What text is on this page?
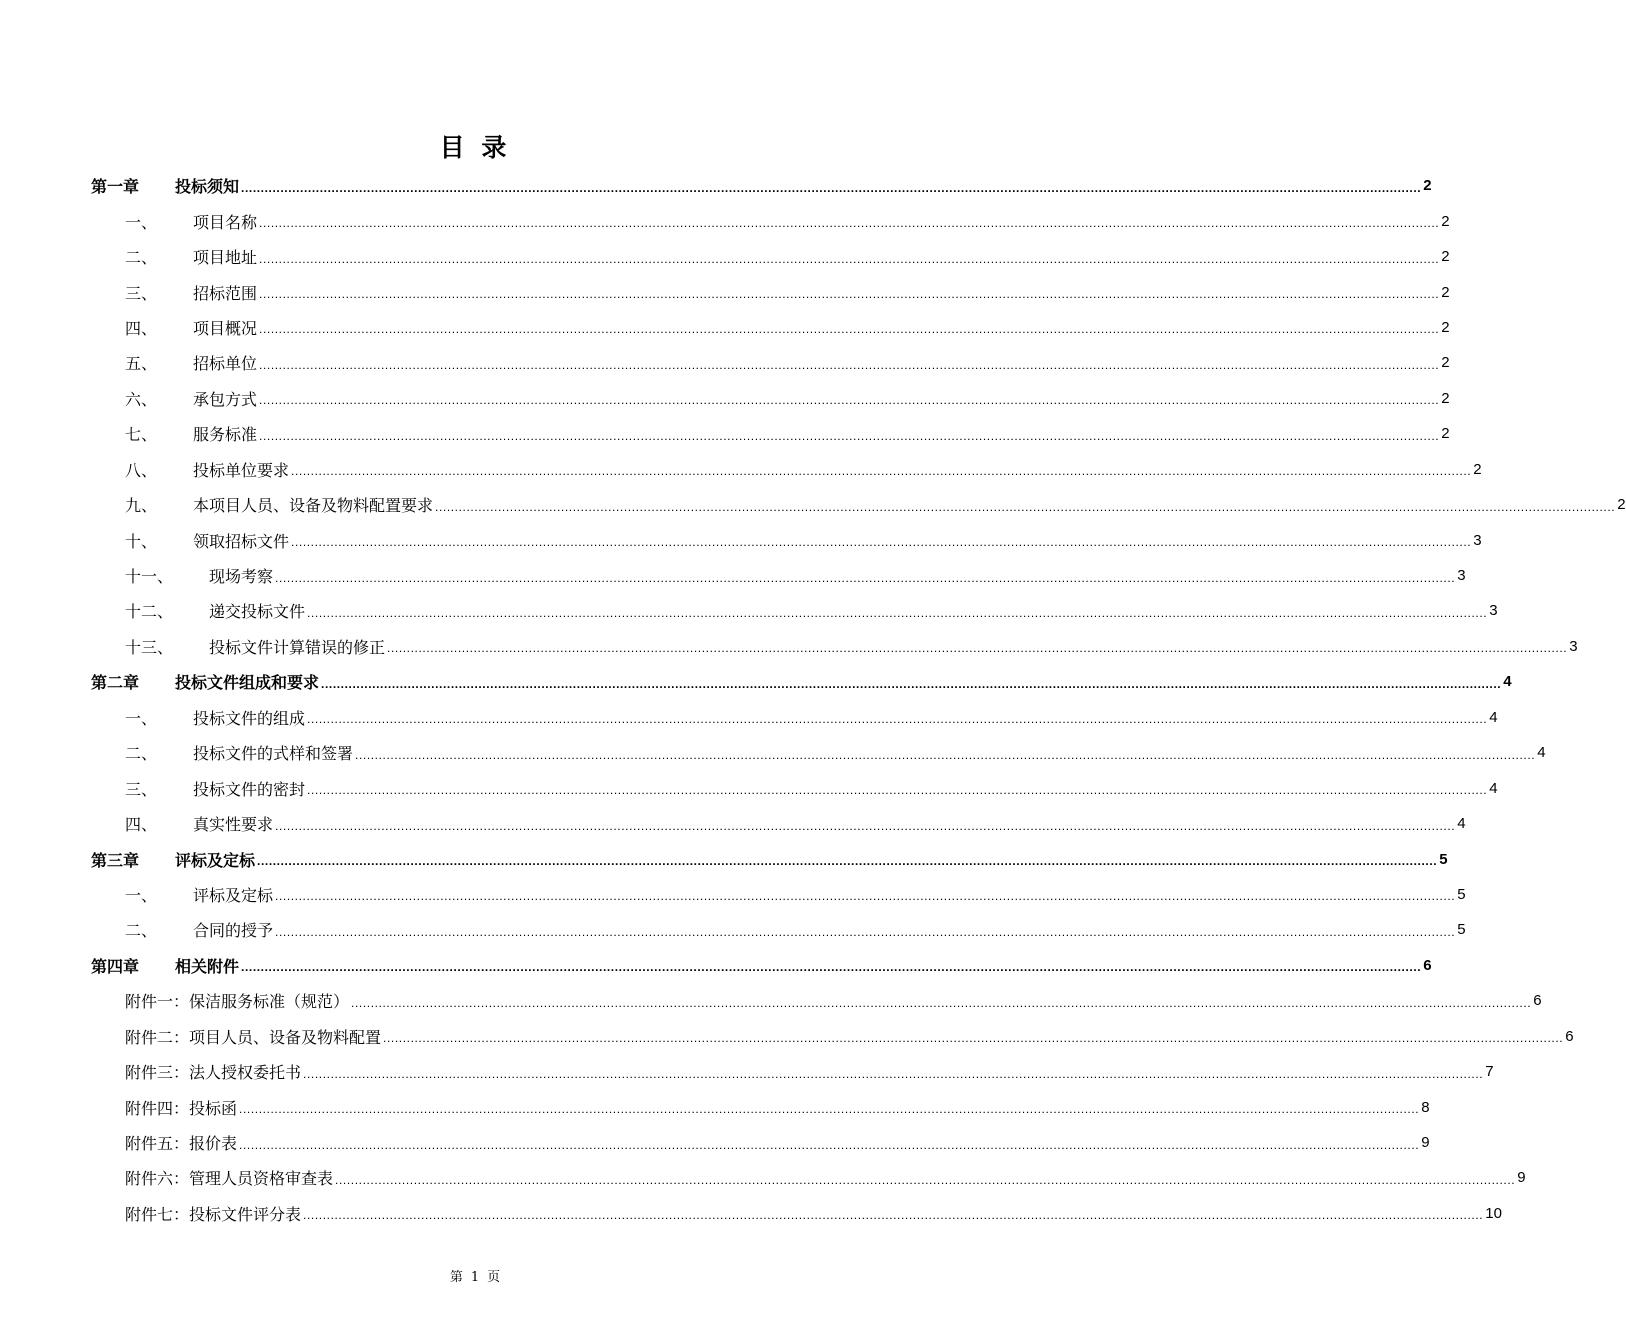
目 录
第一章	投标须知 ............................................................................................................................................................................................................................................................................................................ 2
一、	项目名称 ............................................................................................................................................................................................................................................................................................................ 2
二、	项目地址 ............................................................................................................................................................................................................................................................................................................ 2
三、	招标范围 ............................................................................................................................................................................................................................................................................................................ 2
四、	项目概况 ............................................................................................................................................................................................................................................................................................................ 2
五、	招标单位 ............................................................................................................................................................................................................................................................................................................ 2
六、	承包方式 ............................................................................................................................................................................................................................................................................................................ 2
七、	服务标准 ............................................................................................................................................................................................................................................................................................................ 2
八、	投标单位要求 ............................................................................................................................................................................................................................................................................................................ 2
九、	本项目人员、设备及物料配置要求 ............................................................................................................................................................................................................................................................................................................ 2
十、	领取招标文件 ............................................................................................................................................................................................................................................................................................................ 3
十一、	现场考察 ............................................................................................................................................................................................................................................................................................................ 3
十二、	递交投标文件 ............................................................................................................................................................................................................................................................................................................ 3
十三、	投标文件计算错误的修正 ............................................................................................................................................................................................................................................................................................................ 3
第二章	投标文件组成和要求 ............................................................................................................................................................................................................................................................................................................ 4
一、	投标文件的组成 ............................................................................................................................................................................................................................................................................................................ 4
二、	投标文件的式样和签署 ............................................................................................................................................................................................................................................................................................................ 4
三、	投标文件的密封 ............................................................................................................................................................................................................................................................................................................ 4
四、	真实性要求 ............................................................................................................................................................................................................................................................................................................ 4
第三章	评标及定标 ............................................................................................................................................................................................................................................................................................................ 5
一、	评标及定标 ............................................................................................................................................................................................................................................................................................................ 5
二、	合同的授予 ............................................................................................................................................................................................................................................................................................................ 5
第四章	相关附件 ............................................................................................................................................................................................................................................................................................................ 6
附件一： 保洁服务标准（规范） ............................................................................................................................................................................................................................................................................................................ 6
附件二： 项目人员、设备及物料配置 ............................................................................................................................................................................................................................................................................................................ 6
附件三： 法人授权委托书 ............................................................................................................................................................................................................................................................................................................ 7
附件四： 投标函 ............................................................................................................................................................................................................................................................................................................ 8
附件五： 报价表 ............................................................................................................................................................................................................................................................................................................ 9
附件六： 管理人员资格审查表 ............................................................................................................................................................................................................................................................................................................ 9
附件七： 投标文件评分表 ............................................................................................................................................................................................................................................................................................................ 10
第 1 页
